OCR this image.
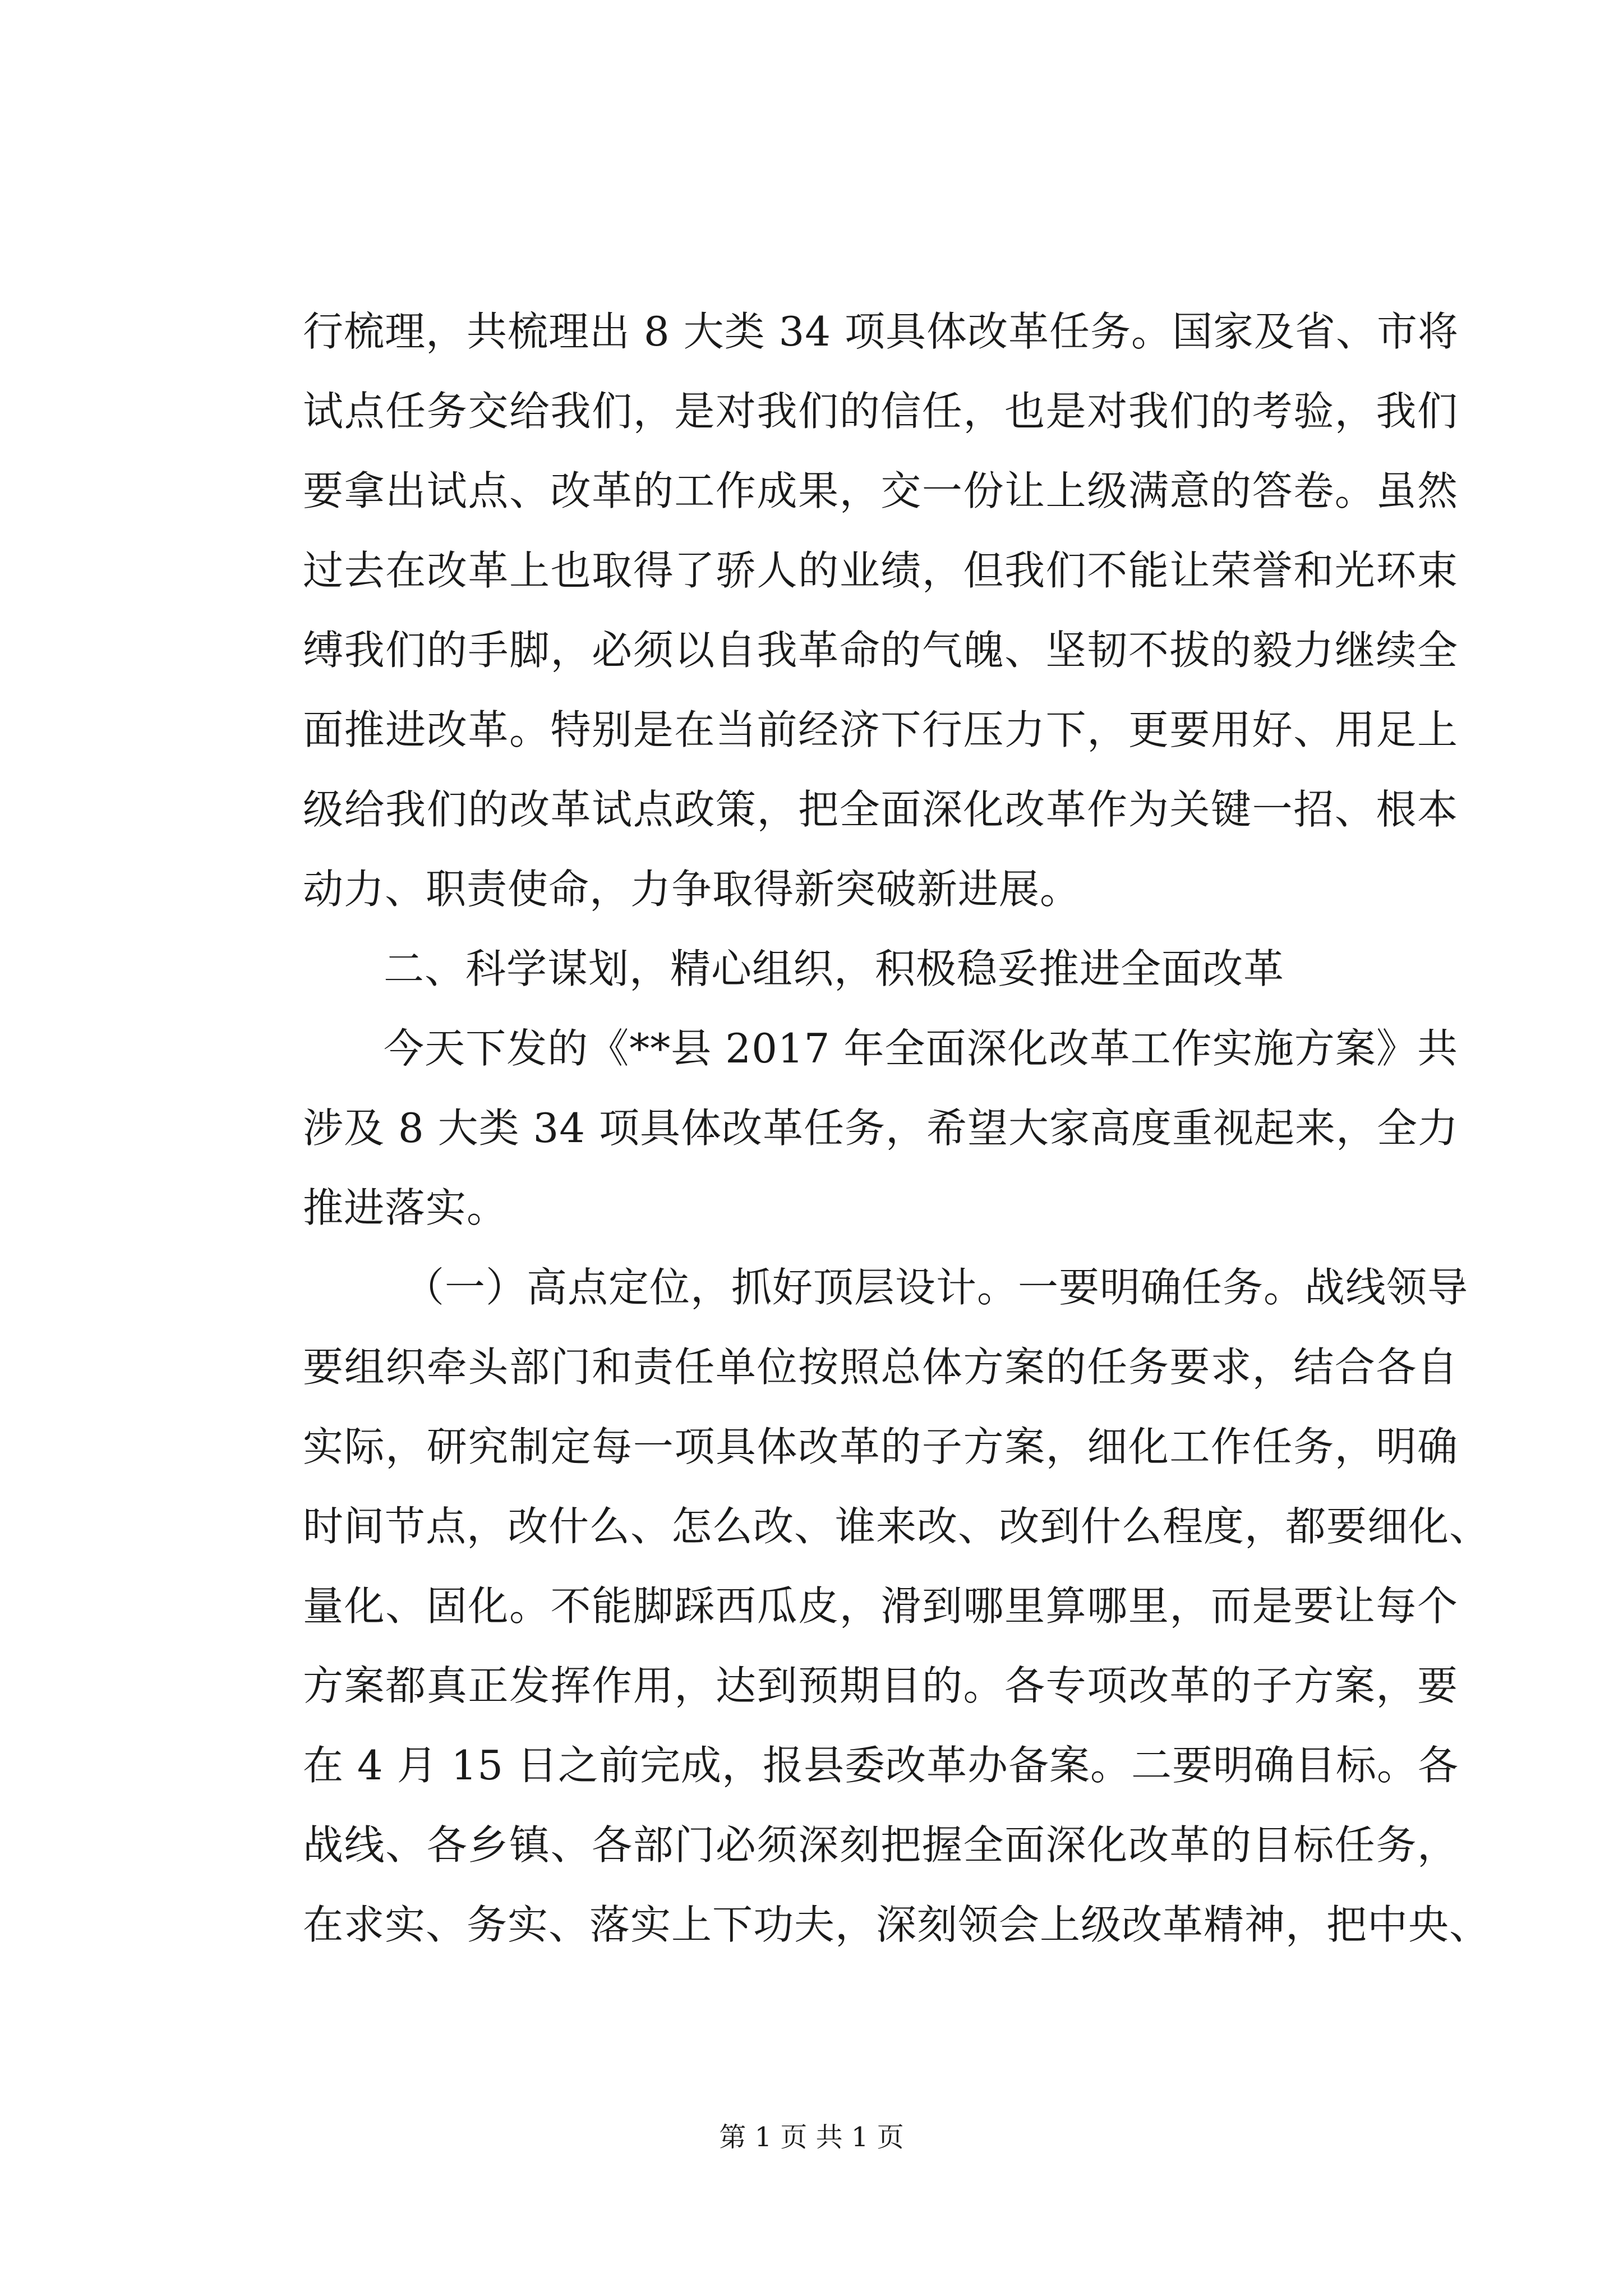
行梳理，共梳理出 8 大类 34 项具体改革任务。国家及省、市将
试点任务交给我们，是对我们的信任，也是对我们的考验，我们
要拿出试点、改革的工作成果，交一份让上级满意的答卷。虽然
过去在改革上也取得了骄人的业绩，但我们不能让荣誉和光环束
缚我们的手脚，必须以自我革命的气魄、坚韧不拔的毅力继续全
面推进改革。特别是在当前经济下行压力下，更要用好、用足上
级给我们的改革试点政策，把全面深化改革作为关键一招、根本
动力、职责使命，力争取得新突破新进展。
二、科学谋划，精心组织，积极稳妥推进全面改革
今天下发的《**县 2017 年全面深化改革工作实施方案》共
涉及 8 大类 34 项具体改革任务，希望大家高度重视起来，全力
推进落实。
（一）高点定位，抓好顶层设计。一要明确任务。战线领导
要组织牵头部门和责任单位按照总体方案的任务要求，结合各自
实际，研究制定每一项具体改革的子方案，细化工作任务，明确
时间节点，改什么、怎么改、谁来改、改到什么程度，都要细化、
量化、固化。不能脚踩西瓜皮，滑到哪里算哪里，而是要让每个
方案都真正发挥作用，达到预期目的。各专项改革的子方案，要
在 4 月 15 日之前完成，报县委改革办备案。二要明确目标。各
战线、各乡镇、各部门必须深刻把握全面深化改革的目标任务，
在求实、务实、落实上下功夫，深刻领会上级改革精神，把中央、
第 1 页 共 1 页
